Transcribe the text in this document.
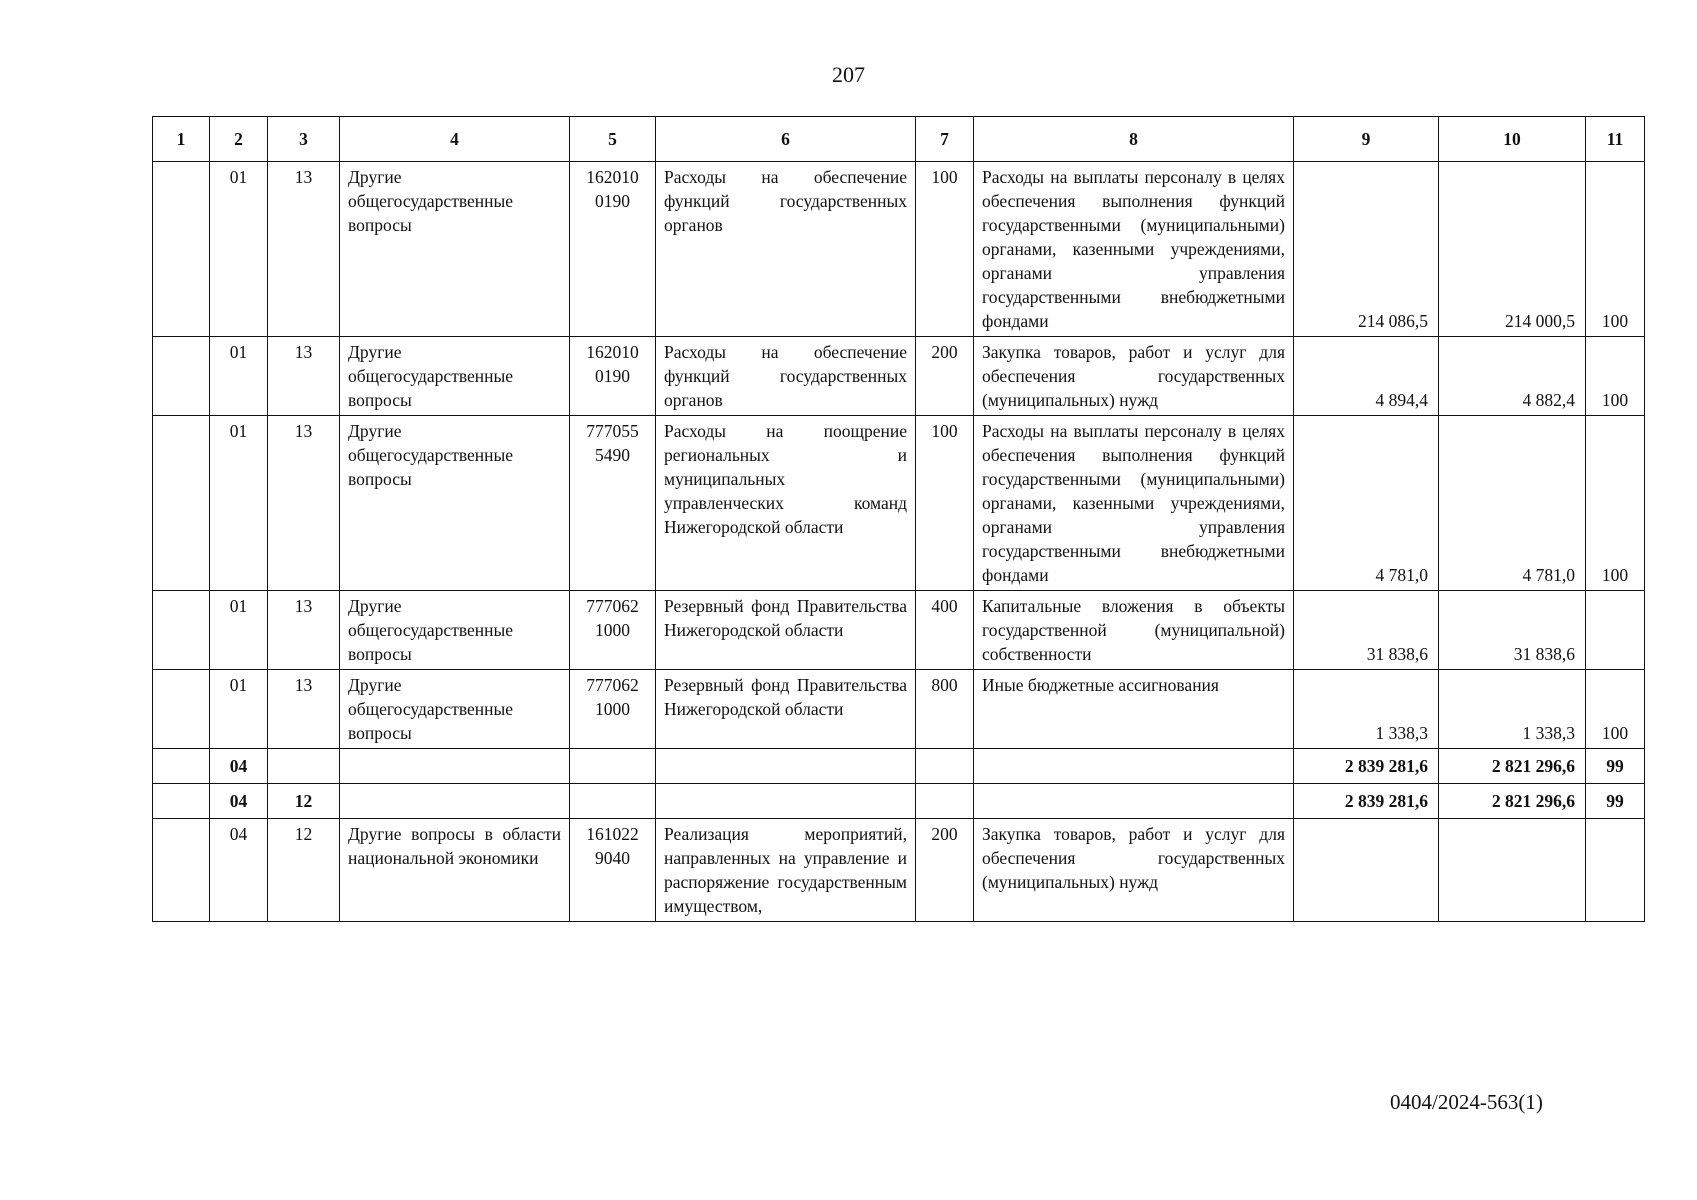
207
1	2	3	4	5	6	7	8	9	10	11
	01	13	Другие общегосударственные вопросы	162010 0190	Расходы на обеспечение функций государственных органов	100	Расходы на выплаты персоналу в целях обеспечения выполнения функций государственными (муниципальными) органами, казенными учреждениями, органами управления государственными внебюджетными фондами	214 086,5	214 000,5	100
	01	13	Другие общегосударственные вопросы	162010 0190	Расходы на обеспечение функций государственных органов	200	Закупка товаров, работ и услуг для обеспечения государственных (муниципальных) нужд	4 894,4	4 882,4	100
	01	13	Другие общегосударственные вопросы	777055 5490	Расходы на поощрение региональных и муниципальных управленческих команд Нижегородской области	100	Расходы на выплаты персоналу в целях обеспечения выполнения функций государственными (муниципальными) органами, казенными учреждениями, органами управления государственными внебюджетными фондами	4 781,0	4 781,0	100
	01	13	Другие общегосударственные вопросы	777062 1000	Резервный фонд Правительства Нижегородской области	400	Капитальные вложения в объекты государственной (муниципальной) собственности	31 838,6	31 838,6	
	01	13	Другие общегосударственные вопросы	777062 1000	Резервный фонд Правительства Нижегородской области	800	Иные бюджетные ассигнования	1 338,3	1 338,3	100
	04							2 839 281,6	2 821 296,6	99
	04	12						2 839 281,6	2 821 296,6	99
	04	12	Другие вопросы в области национальной экономики	161022 9040	Реализация мероприятий, направленных на управление и распоряжение государственным имуществом,	200	Закупка товаров, работ и услуг для обеспечения государственных (муниципальных) нужд			
0404/2024-563(1)
